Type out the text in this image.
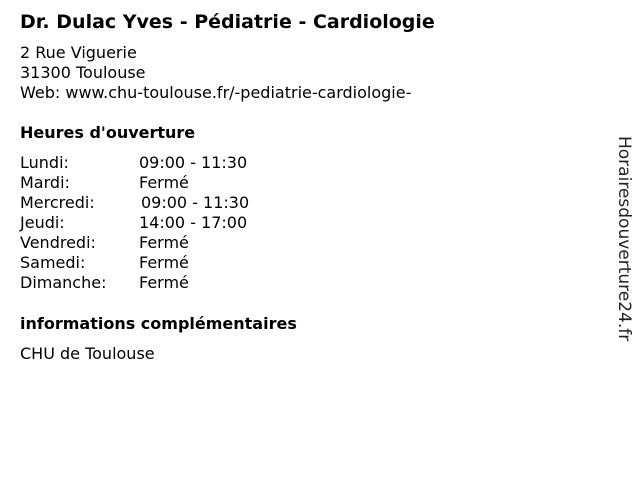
Dr. Dulac Yves - Pédiatrie - Cardiologie
2 Rue Viguerie
31300 Toulouse
Web: www.chu-toulouse.fr/-pediatrie-cardiologie-
Heures d'ouverture
Lundi:	09:00 - 11:30
Mardi:	Fermé
Mercredi:	09:00 - 11:30
Jeudi:	14:00 - 17:00
Vendredi:	Fermé
Samedi:	Fermé
Dimanche: Fermé
informations complémentaires
CHU de Toulouse
Horairesdouverture24.fr
